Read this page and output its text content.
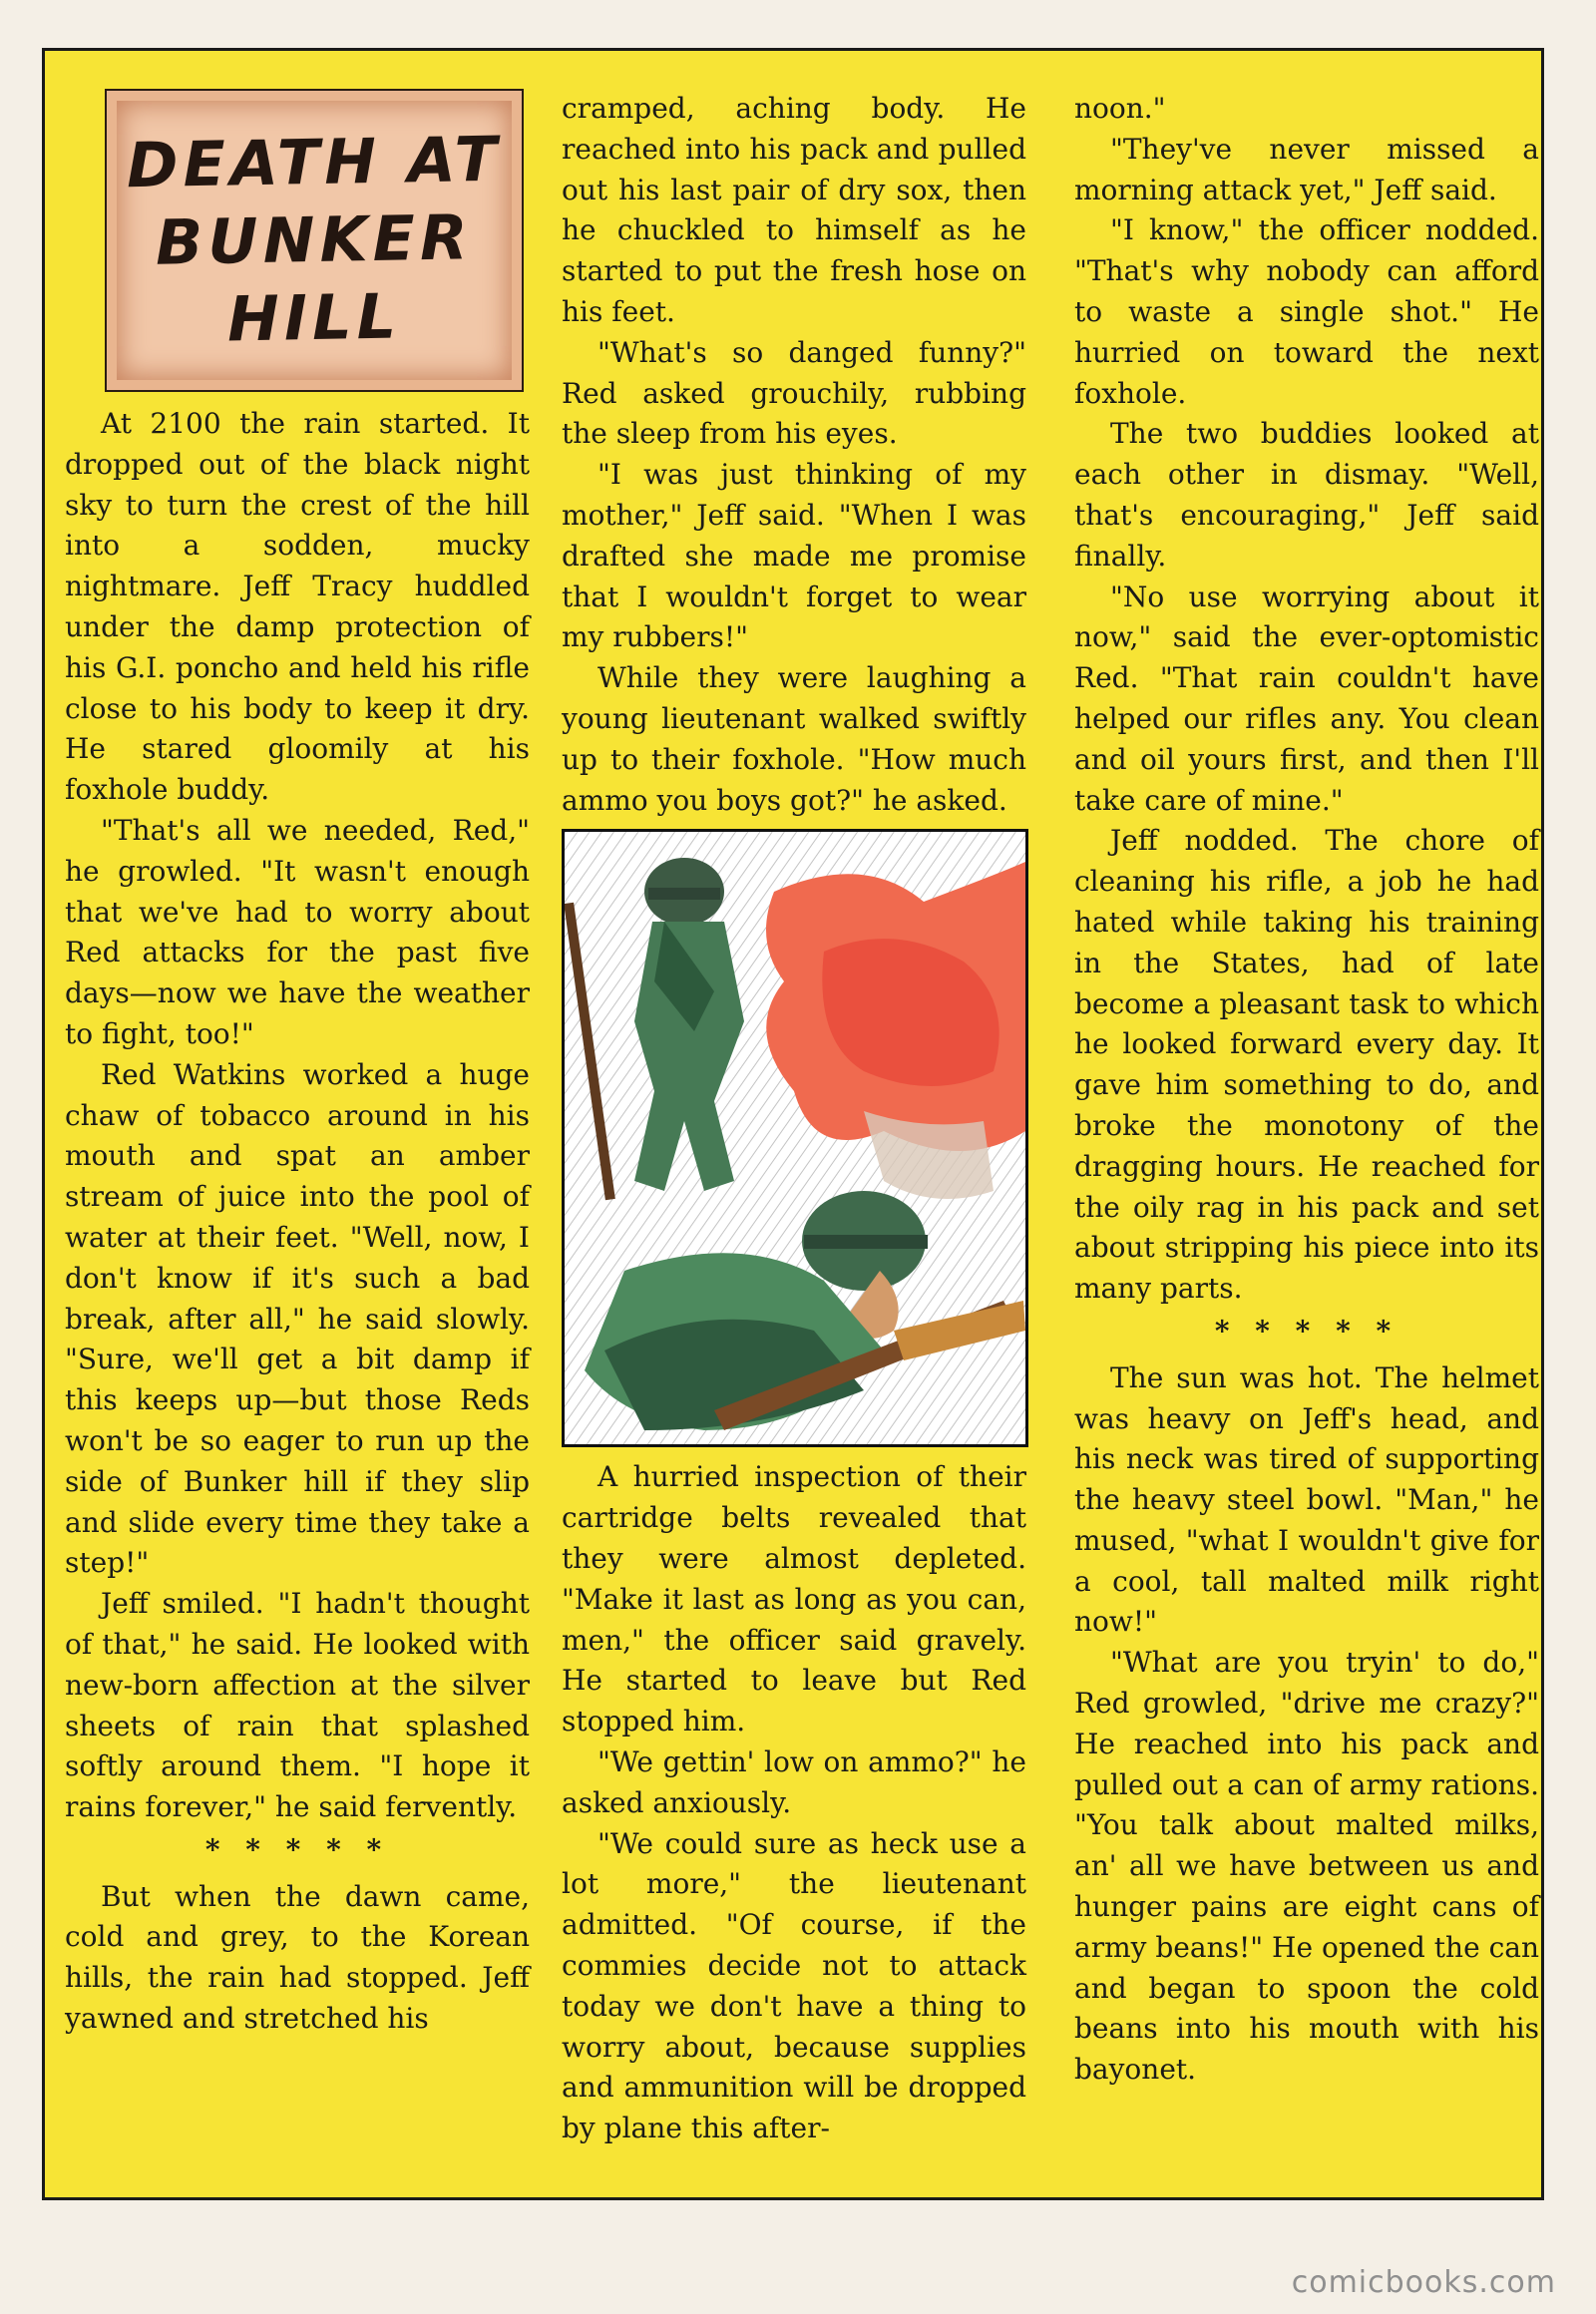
DEATH AT
BUNKER
HILL

At 2100 the rain started. It dropped out of the black night sky to turn the crest of the hill into a sodden, mucky nightmare. Jeff Tracy huddled under the damp protection of his G.I. poncho and held his rifle close to his body to keep it dry. He stared gloomily at his foxhole buddy.

"That's all we needed, Red," he growled. "It wasn't enough that we've had to worry about Red attacks for the past five days—now we have the weather to fight, too!"

Red Watkins worked a huge chaw of tobacco around in his mouth and spat an amber stream of juice into the pool of water at their feet. "Well, now, I don't know if it's such a bad break, after all," he said slowly. "Sure, we'll get a bit damp if this keeps up—but those Reds won't be so eager to run up the side of Bunker hill if they slip and slide every time they take a step!"

Jeff smiled. "I hadn't thought of that," he said. He looked with new-born affection at the silver sheets of rain that splashed softly around them. "I hope it rains forever," he said fervently.

* * * * *

But when the dawn came, cold and grey, to the Korean hills, the rain had stopped. Jeff yawned and stretched his

cramped, aching body. He reached into his pack and pulled out his last pair of dry sox, then he chuckled to himself as he started to put the fresh hose on his feet.

"What's so danged funny?" Red asked grouchily, rubbing the sleep from his eyes.

"I was just thinking of my mother," Jeff said. "When I was drafted she made me promise that I wouldn't forget to wear my rubbers!"

While they were laughing a young lieutenant walked swiftly up to their foxhole. "How much ammo you boys got?" he asked.

A hurried inspection of their cartridge belts revealed that they were almost depleted. "Make it last as long as you can, men," the officer said gravely. He started to leave but Red stopped him.

"We gettin' low on ammo?" he asked anxiously.

"We could sure as heck use a lot more," the lieutenant admitted. "Of course, if the commies decide not to attack today we don't have a thing to worry about, because supplies and ammunition will be dropped by plane this after-

noon."

"They've never missed a morning attack yet," Jeff said.

"I know," the officer nodded. "That's why nobody can afford to waste a single shot." He hurried on toward the next foxhole.

The two buddies looked at each other in dismay. "Well, that's encouraging," Jeff said finally.

"No use worrying about it now," said the ever-optomistic Red. "That rain couldn't have helped our rifles any. You clean and oil yours first, and then I'll take care of mine."

Jeff nodded. The chore of cleaning his rifle, a job he had hated while taking his training in the States, had of late become a pleasant task to which he looked forward every day. It gave him something to do, and broke the monotony of the dragging hours. He reached for the oily rag in his pack and set about stripping his piece into its many parts.

* * * * *

The sun was hot. The helmet was heavy on Jeff's head, and his neck was tired of supporting the heavy steel bowl. "Man," he mused, "what I wouldn't give for a cool, tall malted milk right now!"

"What are you tryin' to do," Red growled, "drive me crazy?" He reached into his pack and pulled out a can of army rations. "You talk about malted milks, an' all we have between us and hunger pains are eight cans of army beans!" He opened the can and began to spoon the cold beans into his mouth with his bayonet.

comicbooks.com
